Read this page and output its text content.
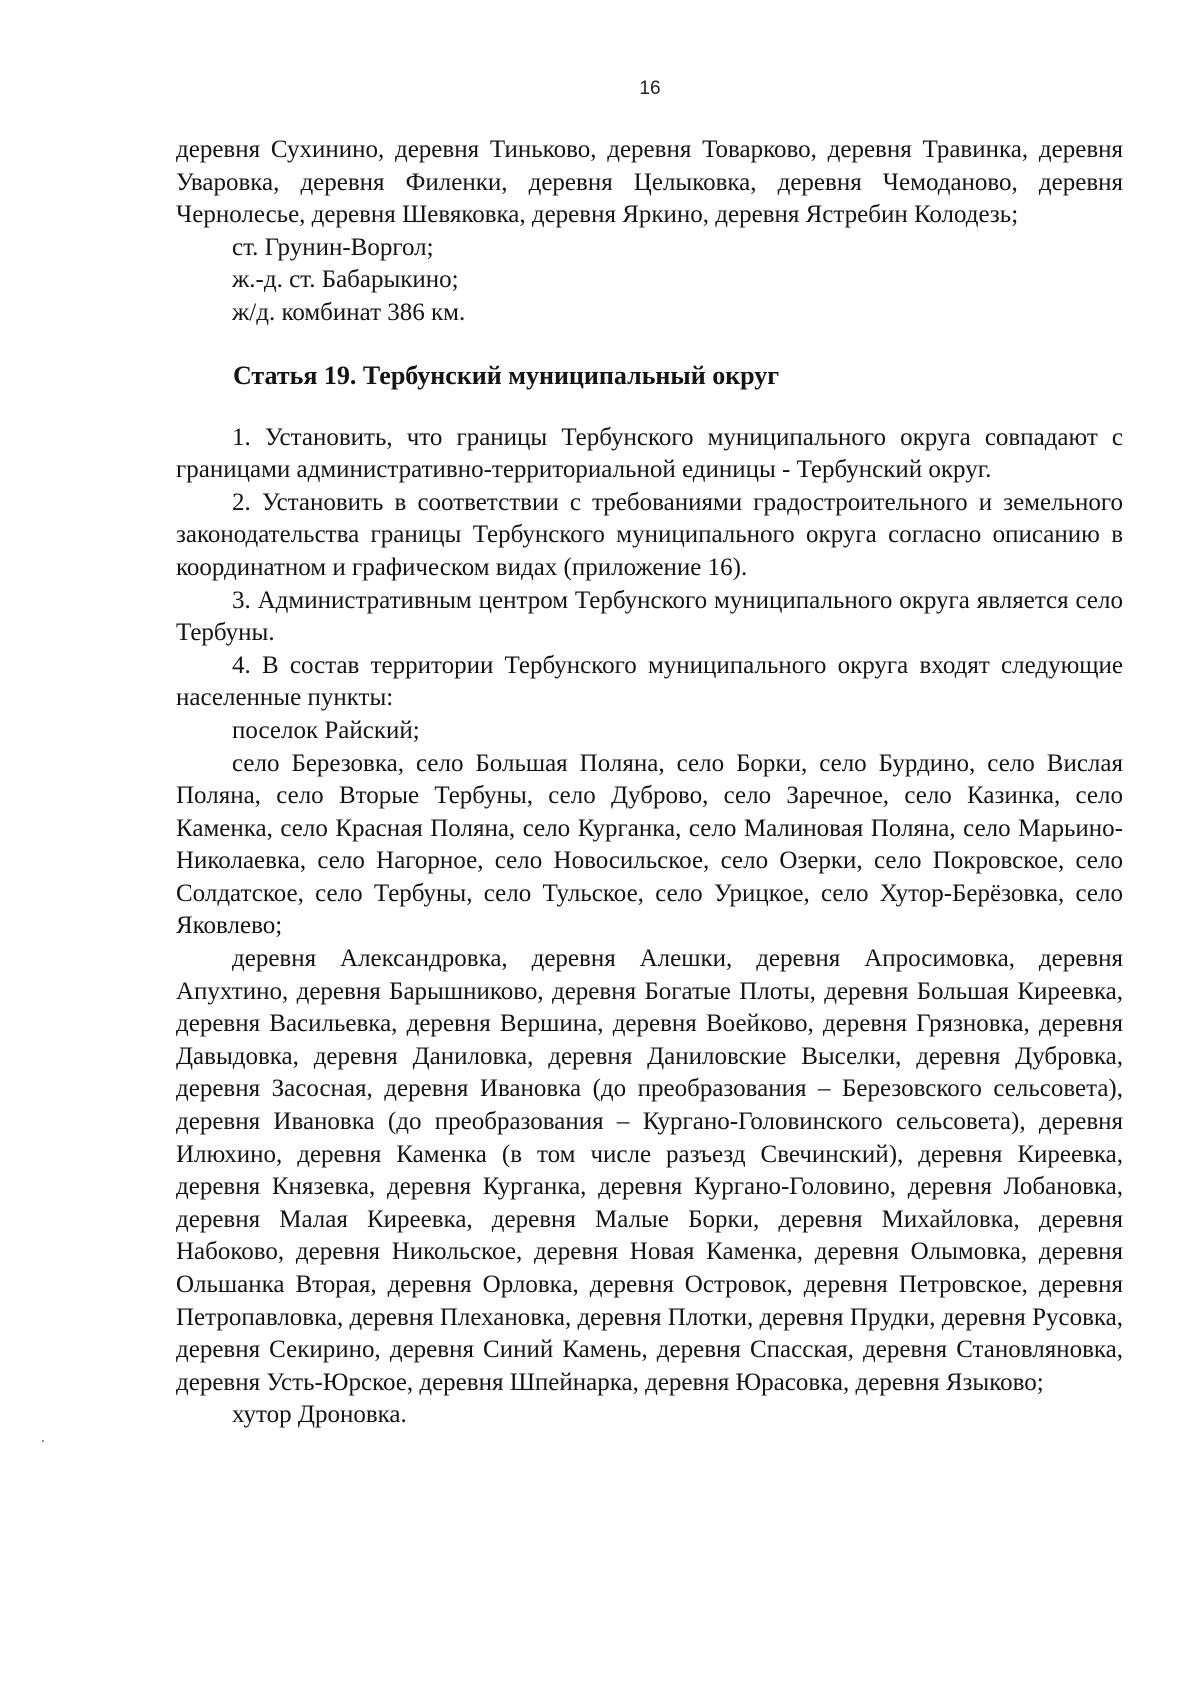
16

деревня Сухинино, деревня Тиньково, деревня Товарково, деревня Травинка, деревня Уваровка, деревня Филенки, деревня Целыковка, деревня Чемоданово, деревня Чернолесье, деревня Шевяковка, деревня Яркино, деревня Ястребин Колодезь;

ст. Грунин-Воргол;

ж.-д. ст. Бабарыкино;

ж/д. комбинат 386 км.

Статья 19. Тербунский муниципальный округ

1. Установить, что границы Тербунского муниципального округа совпадают с границами административно-территориальной единицы - Тербунский округ.

2. Установить в соответствии с требованиями градостроительного и земельного законодательства границы Тербунского муниципального округа согласно описанию в координатном и графическом видах (приложение 16).

3. Административным центром Тербунского муниципального округа является село Тербуны.

4. В состав территории Тербунского муниципального округа входят следующие населенные пункты:

поселок Райский;

село Березовка, село Большая Поляна, село Борки, село Бурдино, село Вислая Поляна, село Вторые Тербуны, село Дуброво, село Заречное, село Казинка, село Каменка, село Красная Поляна, село Курганка, село Малиновая Поляна, село Марьино-Николаевка, село Нагорное, село Новосильское, село Озерки, село Покровское, село Солдатское, село Тербуны, село Тульское, село Урицкое, село Хутор-Берёзовка, село Яковлево;

деревня Александровка, деревня Алешки, деревня Апросимовка, деревня Апухтино, деревня Барышниково, деревня Богатые Плоты, деревня Большая Киреевка, деревня Васильевка, деревня Вершина, деревня Воейково, деревня Грязновка, деревня Давыдовка, деревня Даниловка, деревня Даниловские Выселки, деревня Дубровка, деревня Засосная, деревня Ивановка (до преобразования – Березовского сельсовета), деревня Ивановка (до преобразования – Кургано-Головинского сельсовета), деревня Илюхино, деревня Каменка (в том числе разъезд Свечинский), деревня Киреевка, деревня Князевка, деревня Курганка, деревня Кургано-Головино, деревня Лобановка, деревня Малая Киреевка, деревня Малые Борки, деревня Михайловка, деревня Набоково, деревня Никольское, деревня Новая Каменка, деревня Олымовка, деревня Ольшанка Вторая, деревня Орловка, деревня Островок, деревня Петровское, деревня Петропавловка, деревня Плехановка, деревня Плотки, деревня Прудки, деревня Русовка, деревня Секирино, деревня Синий Камень, деревня Спасская, деревня Становляновка, деревня Усть-Юрское, деревня Шпейнарка, деревня Юрасовка, деревня Языково;

хутор Дроновка.
